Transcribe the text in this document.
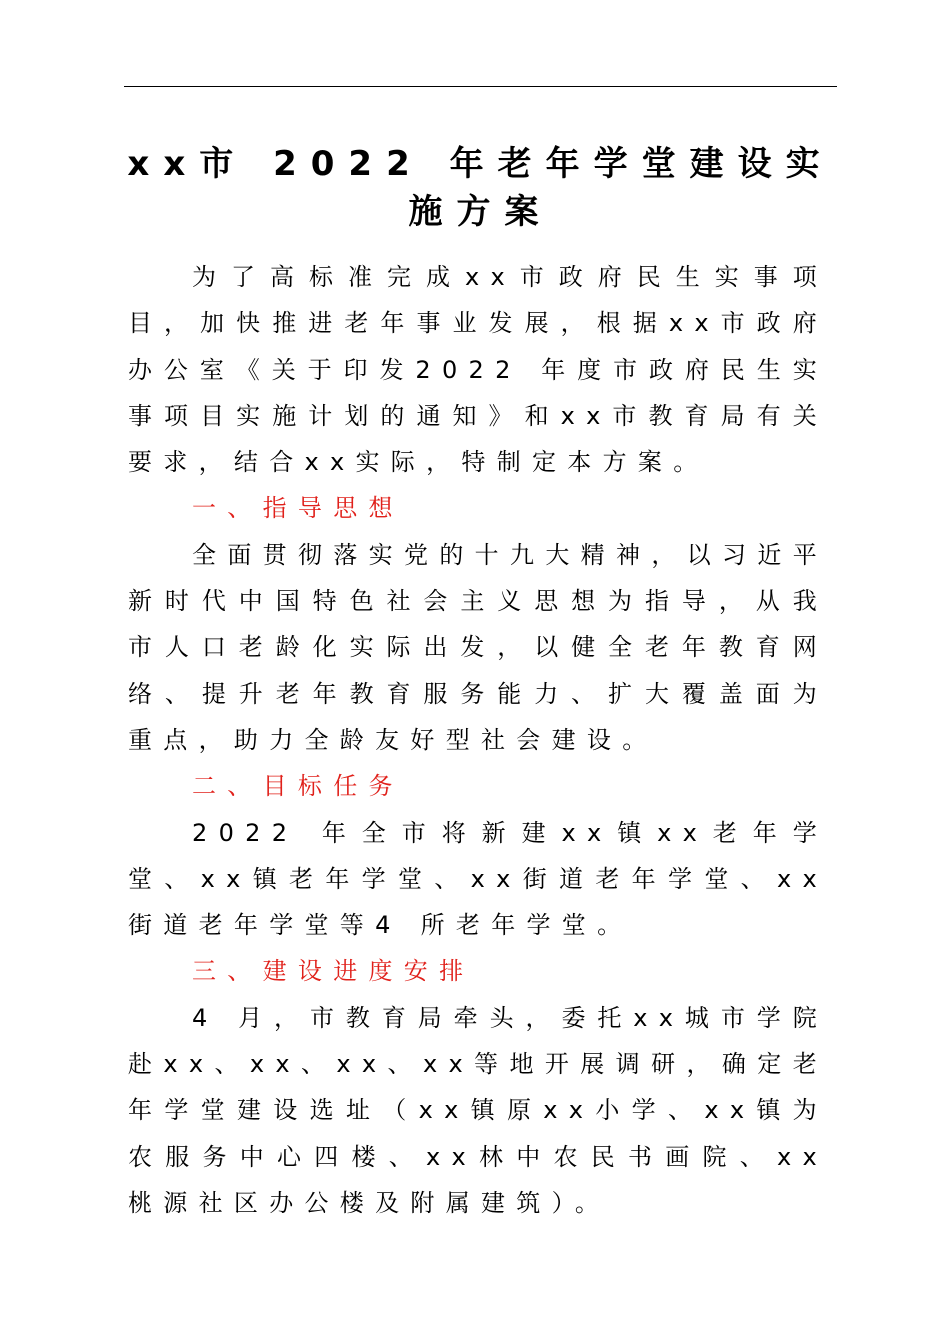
xx市 2022 年老年学堂建设实施方案

为了高标准完成xx市政府民生实事项目，加快推进老年事业发展，根据xx市政府办公室《关于印发2022 年度市政府民生实事项目实施计划的通知》和xx市教育局有关要求，结合xx实际，特制定本方案。

一、指导思想

全面贯彻落实党的十九大精神，以习近平新时代中国特色社会主义思想为指导，从我市人口老龄化实际出发，以健全老年教育网络、提升老年教育服务能力、扩大覆盖面为重点，助力全龄友好型社会建设。

二、目标任务

2022 年全市将新建xx镇xx老年学堂、xx镇老年学堂、xx街道老年学堂、xx街道老年学堂等4 所老年学堂。

三、建设进度安排

4 月，市教育局牵头，委托xx城市学院赴xx、xx、xx、xx等地开展调研，确定老年学堂建设选址（xx镇原xx小学、xx镇为农服务中心四楼、xx林中农民书画院、xx桃源社区办公楼及附属建筑）。
